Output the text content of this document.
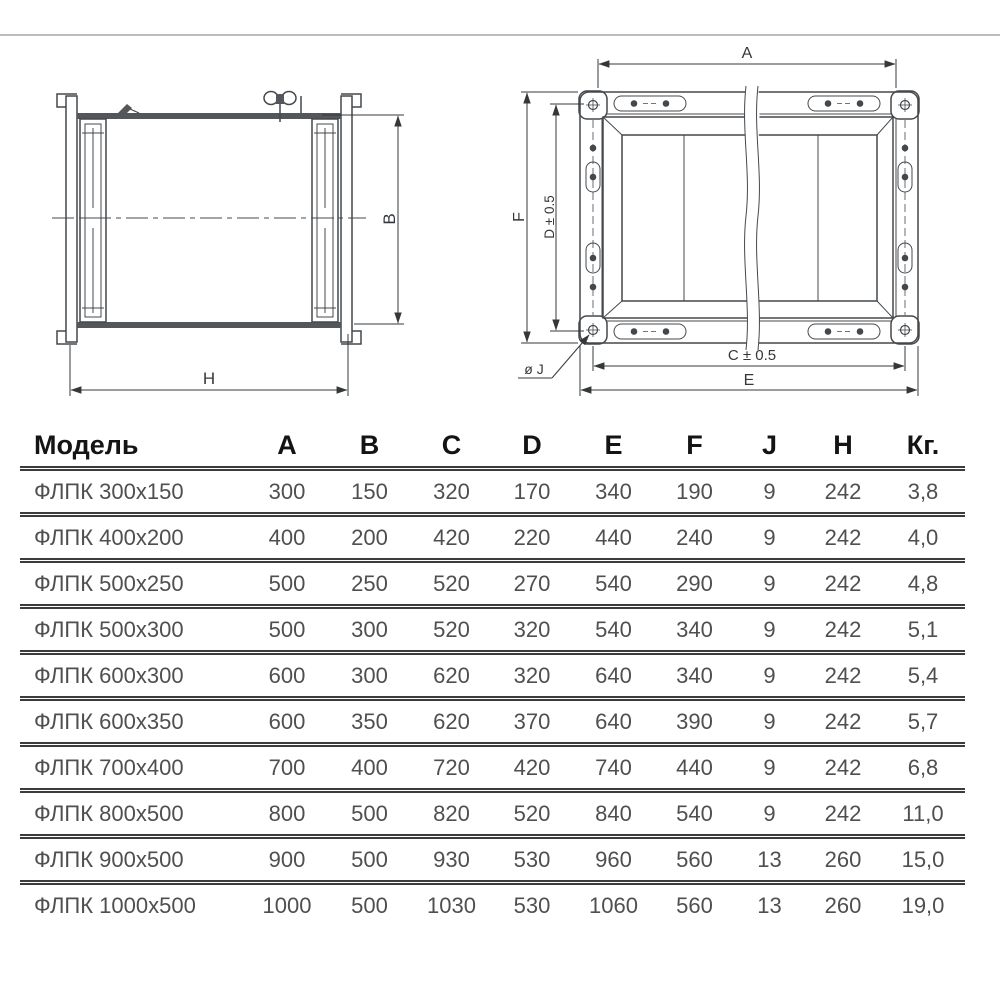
B
H
A
F D ± 0.5
C ± 0.5
E
ø J
Модель	A	B	C	D	E	F	J	H	Кг.
ФЛПК 300x150	300	150	320	170	340	190	9	242	3,8
ФЛПК 400x200	400	200	420	220	440	240	9	242	4,0
ФЛПК 500x250	500	250	520	270	540	290	9	242	4,8
ФЛПК 500x300	500	300	520	320	540	340	9	242	5,1
ФЛПК 600x300	600	300	620	320	640	340	9	242	5,4
ФЛПК 600x350	600	350	620	370	640	390	9	242	5,7
ФЛПК 700x400	700	400	720	420	740	440	9	242	6,8
ФЛПК 800x500	800	500	820	520	840	540	9	242	11,0
ФЛПК 900x500	900	500	930	530	960	560	13	260	15,0
ФЛПК 1000x500	1000	500	1030	530	1060	560	13	260	19,0
